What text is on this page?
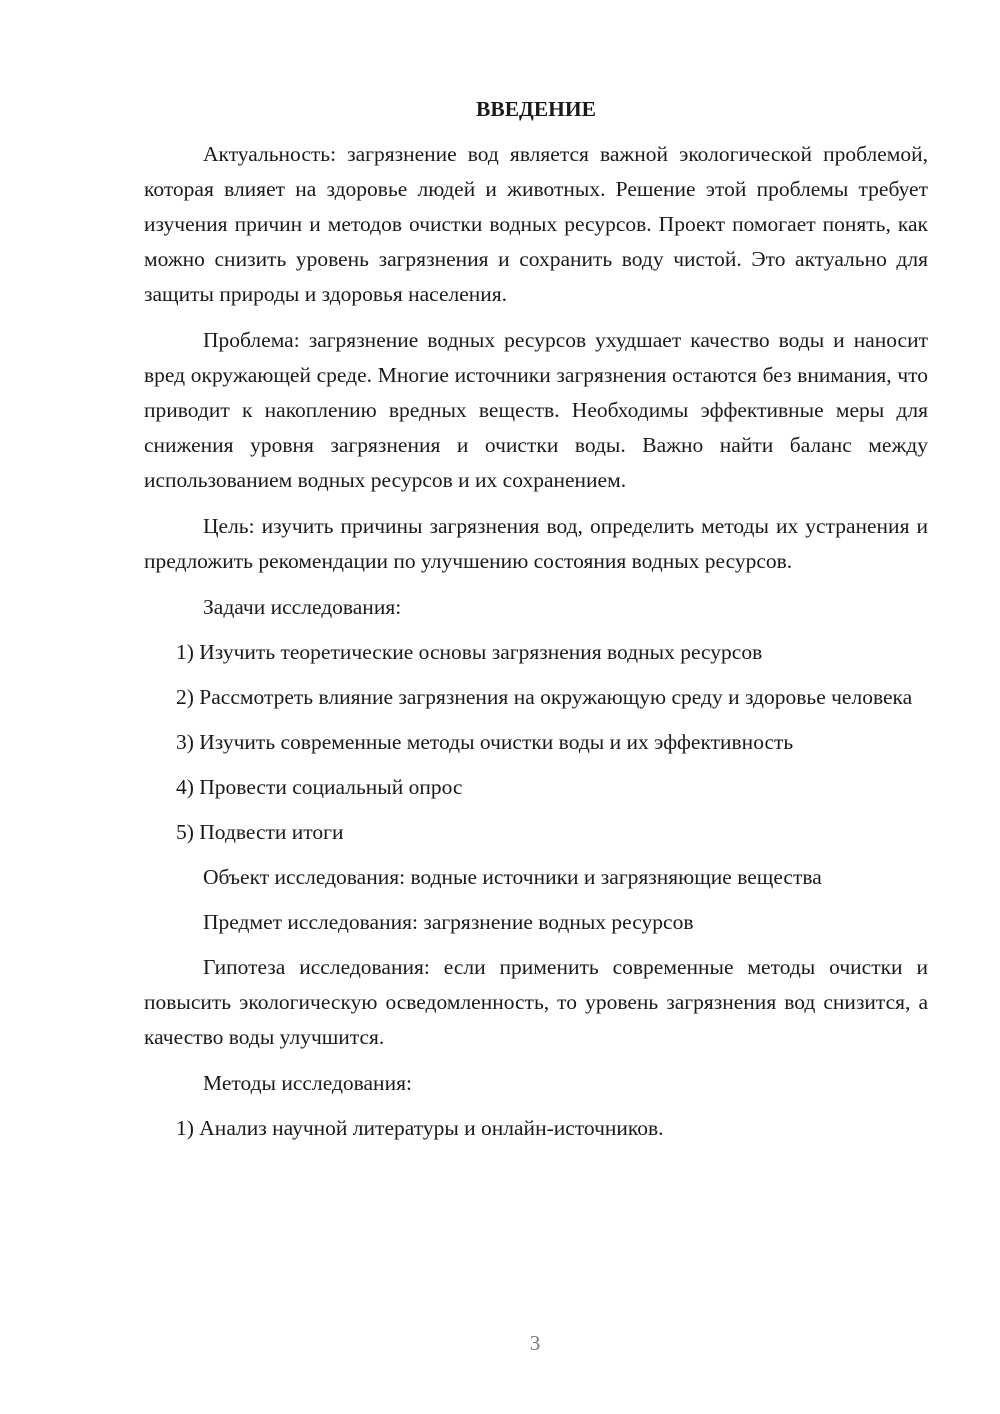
ВВЕДЕНИЕ
Актуальность: загрязнение вод является важной экологической проблемой, которая влияет на здоровье людей и животных. Решение этой проблемы требует изучения причин и методов очистки водных ресурсов. Проект помогает понять, как можно снизить уровень загрязнения и сохранить воду чистой. Это актуально для защиты природы и здоровья населения.
Проблема: загрязнение водных ресурсов ухудшает качество воды и наносит вред окружающей среде. Многие источники загрязнения остаются без внимания, что приводит к накоплению вредных веществ. Необходимы эффективные меры для снижения уровня загрязнения и очистки воды. Важно найти баланс между использованием водных ресурсов и их сохранением.
Цель: изучить причины загрязнения вод, определить методы их устранения и предложить рекомендации по улучшению состояния водных ресурсов.
Задачи исследования:
1) Изучить теоретические основы загрязнения водных ресурсов
2) Рассмотреть влияние загрязнения на окружающую среду и здоровье человека
3) Изучить современные методы очистки воды и их эффективность
4) Провести социальный опрос
5) Подвести итоги
Объект исследования: водные источники и загрязняющие вещества
Предмет исследования: загрязнение водных ресурсов
Гипотеза исследования: если применить современные методы очистки и повысить экологическую осведомленность, то уровень загрязнения вод снизится, а качество воды улучшится.
Методы исследования:
1) Анализ научной литературы и онлайн-источников.
3
